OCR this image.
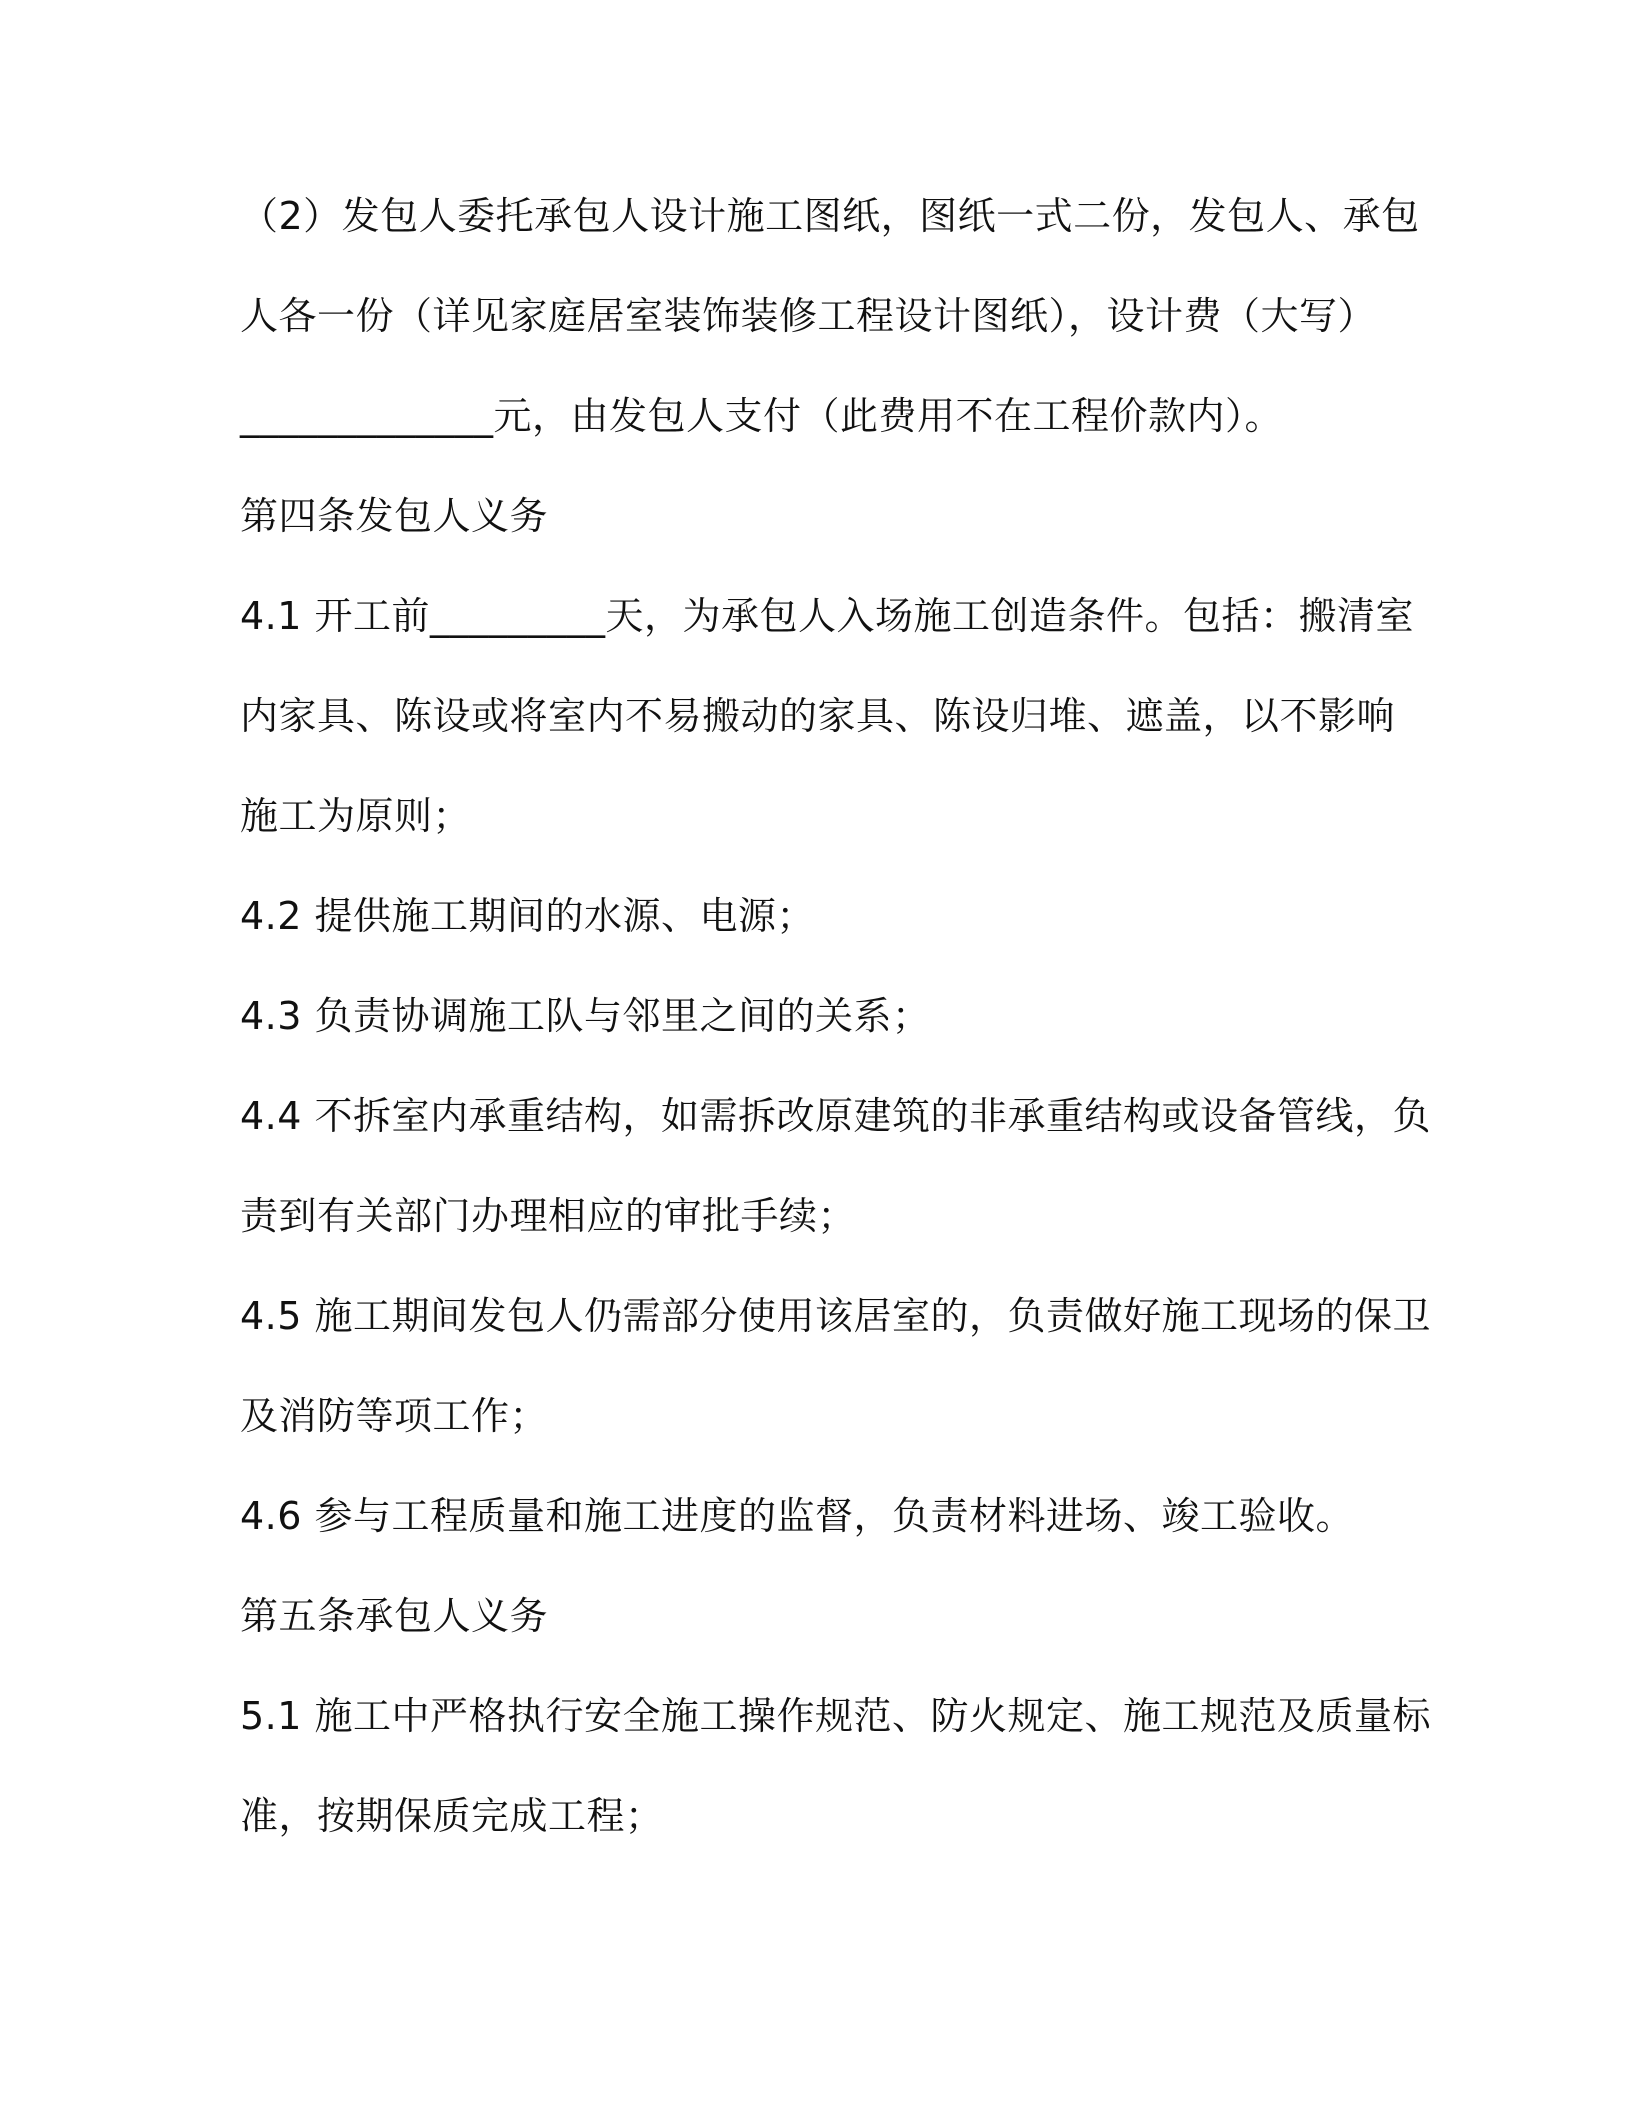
（2）发包人委托承包人设计施工图纸，图纸一式二份，发包人、承包
人各一份（详见家庭居室装饰装修工程设计图纸），设计费（大写）
_____________元，由发包人支付（此费用不在工程价款内）。
第四条发包人义务
4.1 开工前_________天，为承包人入场施工创造条件。包括：搬清室
内家具、陈设或将室内不易搬动的家具、陈设归堆、遮盖，以不影响
施工为原则；
4.2 提供施工期间的水源、电源；
4.3 负责协调施工队与邻里之间的关系；
4.4 不拆室内承重结构，如需拆改原建筑的非承重结构或设备管线，负
责到有关部门办理相应的审批手续；
4.5 施工期间发包人仍需部分使用该居室的，负责做好施工现场的保卫
及消防等项工作；
4.6 参与工程质量和施工进度的监督，负责材料进场、竣工验收。
第五条承包人义务
5.1 施工中严格执行安全施工操作规范、防火规定、施工规范及质量标
准，按期保质完成工程；
